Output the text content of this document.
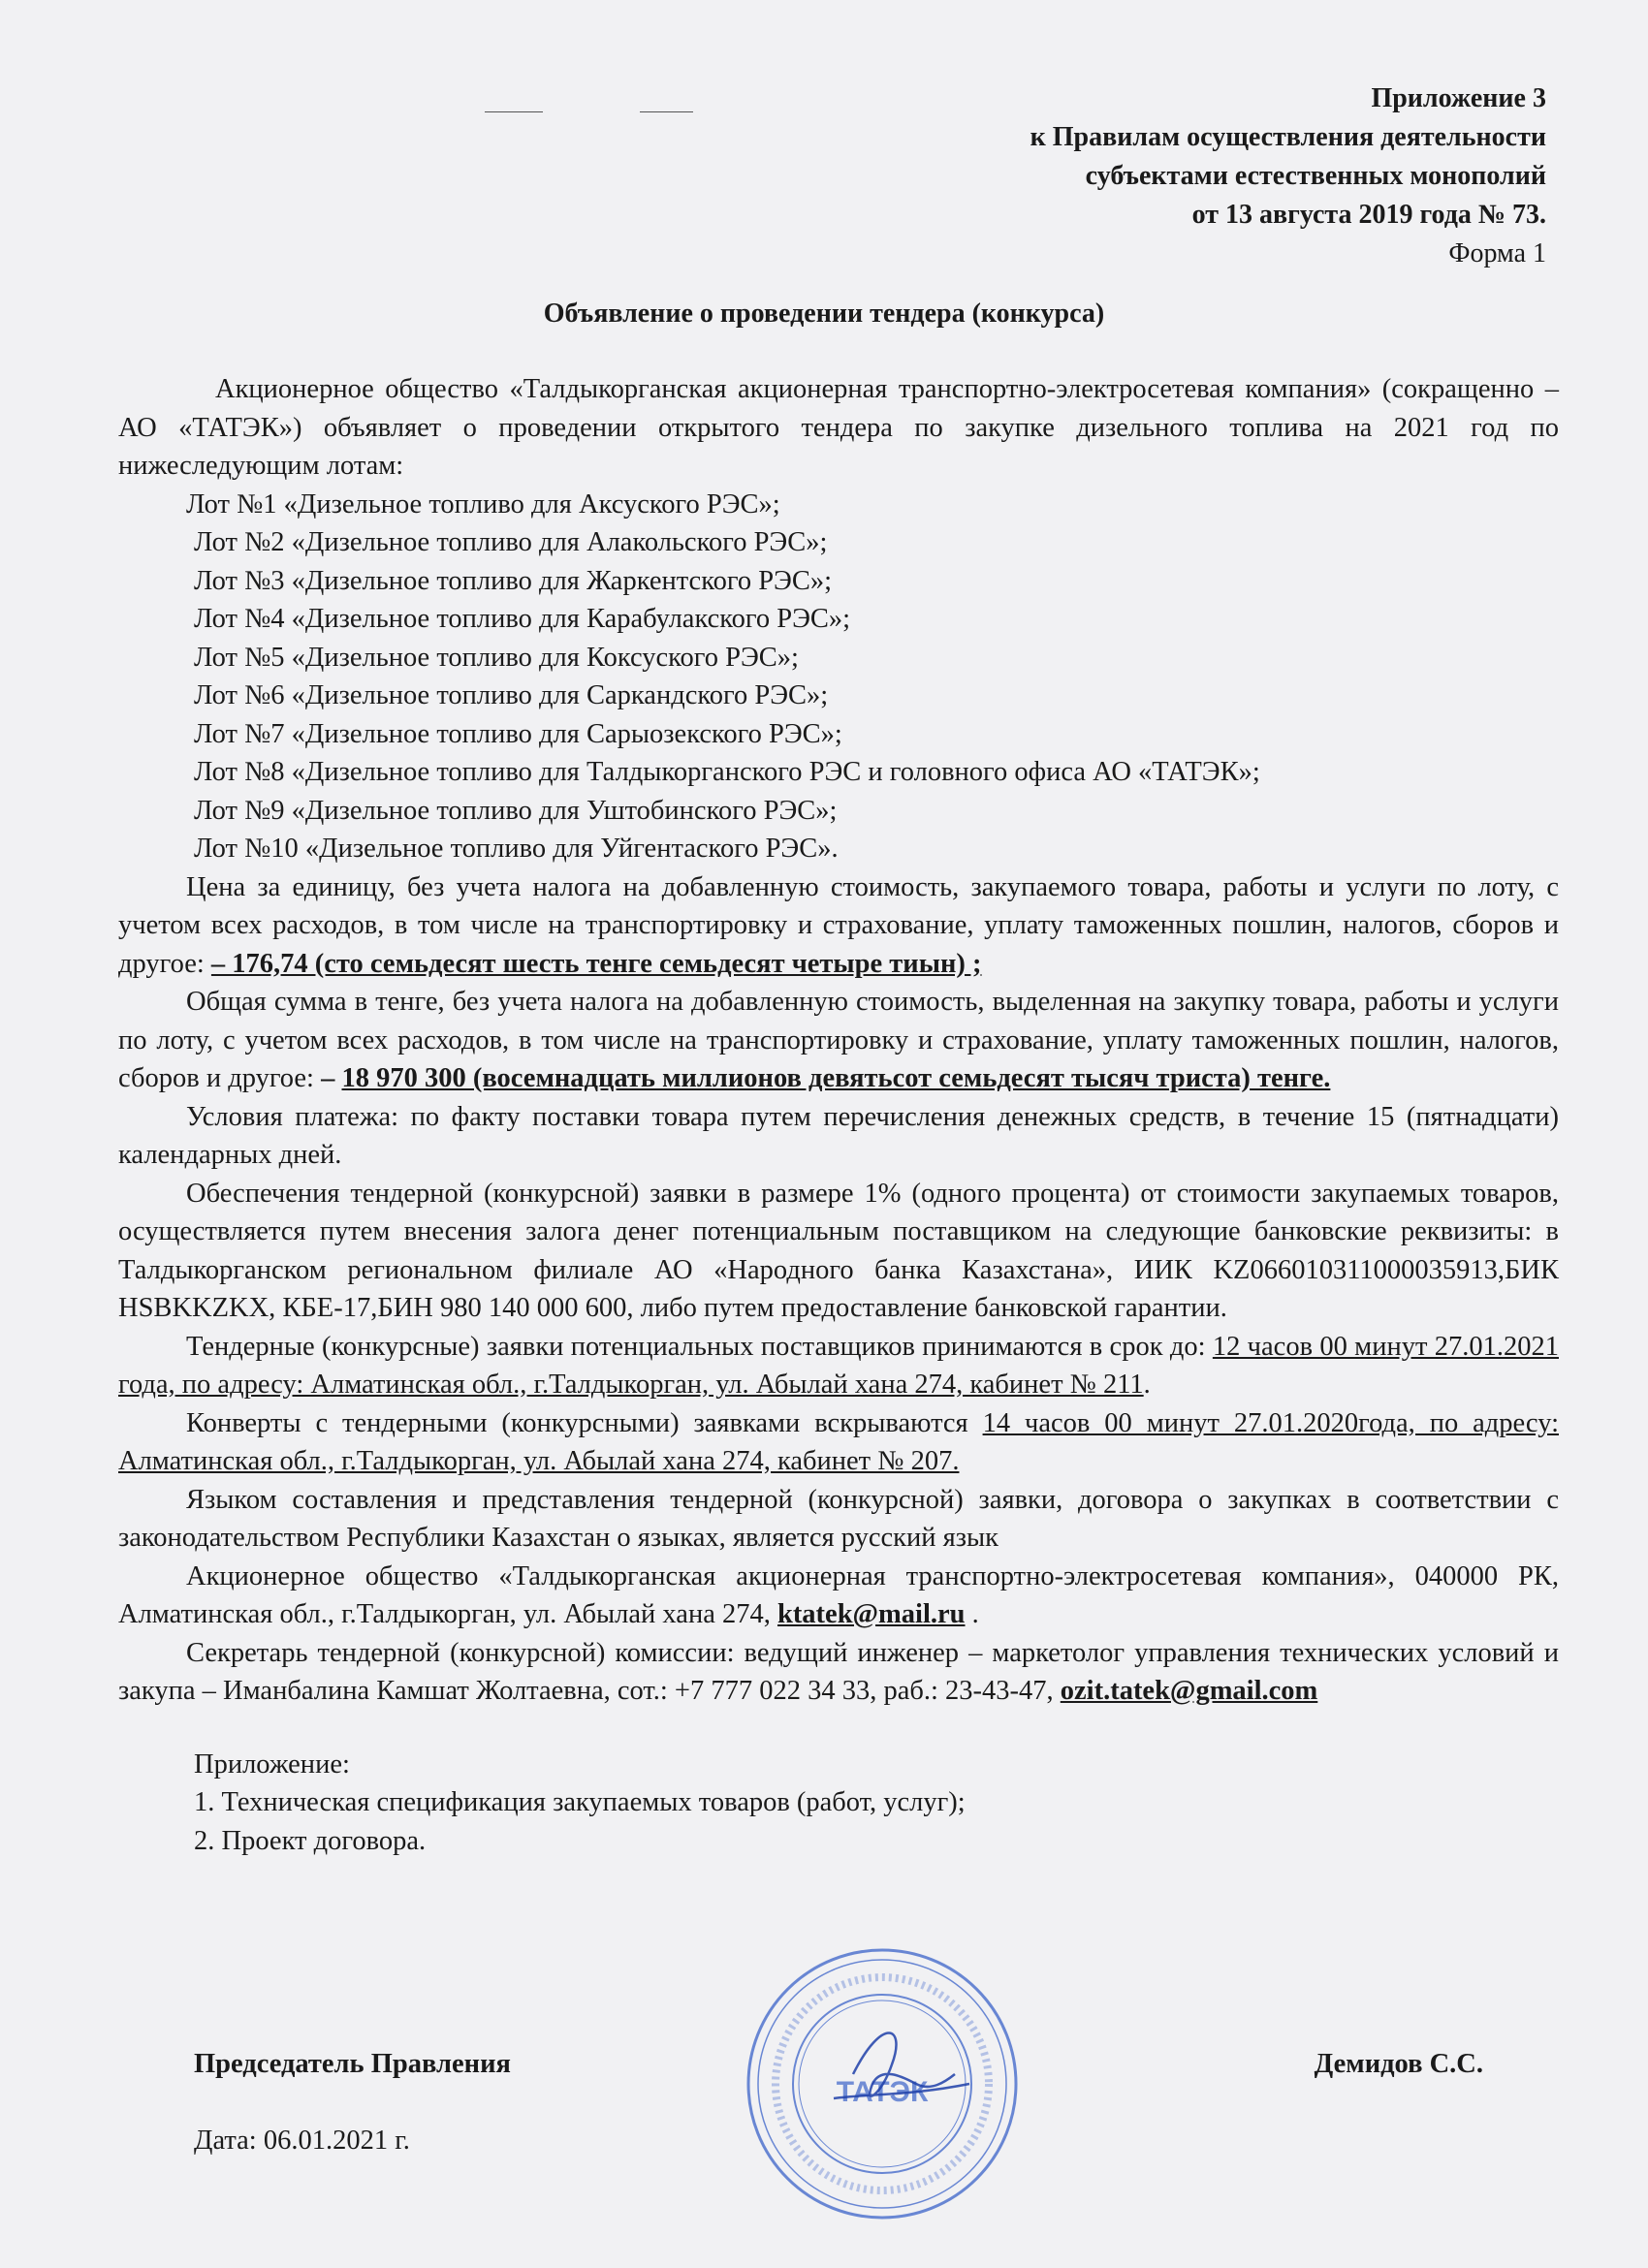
Приложение 3
к Правилам осуществления деятельности
субъектами естественных монополий
от 13 августа 2019 года № 73.
Форма 1
Объявление о проведении тендера (конкурса)

Акционерное общество «Талдыкорганская акционерная транспортно-электросетевая компания» (сокращенно – АО «ТАТЭК») объявляет о проведении открытого тендера по закупке дизельного топлива на 2021 год по нижеследующим лотам:

Лот №1 «Дизельное топливо для Аксуского РЭС»;
Лот №2 «Дизельное топливо для Алакольского РЭС»;
Лот №3 «Дизельное топливо для Жаркентского РЭС»;
Лот №4 «Дизельное топливо для Карабулакского РЭС»;
Лот №5 «Дизельное топливо для Коксуского РЭС»;
Лот №6 «Дизельное топливо для Саркандского РЭС»;
Лот №7 «Дизельное топливо для Сарыозекского РЭС»;
Лот №8 «Дизельное топливо для Талдыкорганского РЭС и головного офиса АО «ТАТЭК»;
Лот №9 «Дизельное топливо для Уштобинского РЭС»;
Лот №10 «Дизельное топливо для Уйгентаского РЭС».

Цена за единицу, без учета налога на добавленную стоимость, закупаемого товара, работы и услуги по лоту, с учетом всех расходов, в том числе на транспортировку и страхование, уплату таможенных пошлин, налогов, сборов и другое: – 176,74 (сто семьдесят шесть тенге семьдесят четыре тиын) ;

Общая сумма в тенге, без учета налога на добавленную стоимость, выделенная на закупку товара, работы и услуги по лоту, с учетом всех расходов, в том числе на транспортировку и страхование, уплату таможенных пошлин, налогов, сборов и другое: – 18 970 300 (восемнадцать миллионов девятьсот семьдесят тысяч триста) тенге.

Условия платежа: по факту поставки товара путем перечисления денежных средств, в течение 15 (пятнадцати) календарных дней.

Обеспечения тендерной (конкурсной) заявки в размере 1% (одного процента) от стоимости закупаемых товаров, осуществляется путем внесения залога денег потенциальным поставщиком на следующие банковские реквизиты: в Талдыкорганском региональном филиале АО «Народного банка Казахстана», ИИК KZ066010311000035913,БИК HSBKKZKX, КБЕ-17,БИН 980 140 000 600, либо путем предоставление банковской гарантии.

Тендерные (конкурсные) заявки потенциальных поставщиков принимаются в срок до: 12 часов 00 минут 27.01.2021 года, по адресу: Алматинская обл., г.Талдыкорган, ул. Абылай хана 274, кабинет № 211.

Конверты с тендерными (конкурсными) заявками вскрываются 14 часов 00 минут 27.01.2020года, по адресу: Алматинская обл., г.Талдыкорган, ул. Абылай хана 274, кабинет № 207.

Языком составления и представления тендерной (конкурсной) заявки, договора о закупках в соответствии с законодательством Республики Казахстан о языках, является русский язык

Акционерное общество «Талдыкорганская акционерная транспортно-электросетевая компания», 040000 РК, Алматинская обл., г.Талдыкорган, ул. Абылай хана 274, ktatek@mail.ru .

Секретарь тендерной (конкурсной) комиссии: ведущий инженер – маркетолог управления технических условий и закупа – Иманбалина Камшат Жолтаевна, сот.: +7 777 022 34 33, раб.: 23-43-47, ozit.tatek@gmail.com

Приложение:
1. Техническая спецификация закупаемых товаров (работ, услуг);
2. Проект договора.
ТАТЭК
Председатель Правления	Демидов С.С.
Дата: 06.01.2021 г.
